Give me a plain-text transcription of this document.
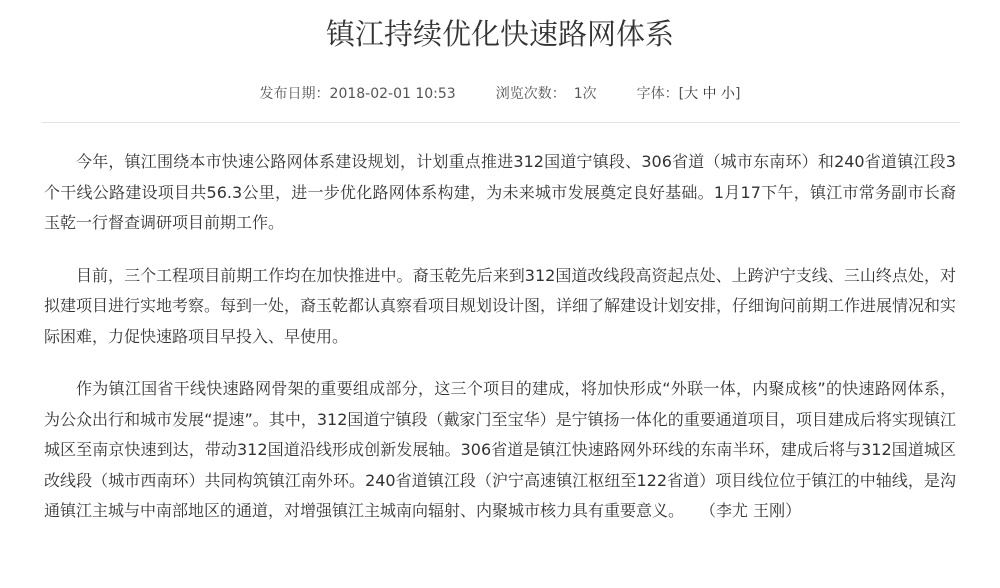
镇江持续优化快速路网体系
发布日期：2018-02-01 10:53	浏览次数： 1次	字体：[大 中 小]

今年，镇江围绕本市快速公路网体系建设规划，计划重点推进312国道宁镇段、306省道（城市东南环）和240省道镇江段3个干线公路建设项目共56.3公里，进一步优化路网体系构建，为未来城市发展奠定良好基础。1月17下午，镇江市常务副市长裔玉乾一行督查调研项目前期工作。

目前，三个工程项目前期工作均在加快推进中。裔玉乾先后来到312国道改线段高资起点处、上跨沪宁支线、三山终点处，对拟建项目进行实地考察。每到一处，裔玉乾都认真察看项目规划设计图，详细了解建设计划安排，仔细询问前期工作进展情况和实际困难，力促快速路项目早投入、早使用。

作为镇江国省干线快速路网骨架的重要组成部分，这三个项目的建成，将加快形成“外联一体，内聚成核”的快速路网体系，为公众出行和城市发展“提速”。其中，312国道宁镇段（戴家门至宝华）是宁镇扬一体化的重要通道项目，项目建成后将实现镇江城区至南京快速到达，带动312国道沿线形成创新发展轴。306省道是镇江快速路网外环线的东南半环，建成后将与312国道城区改线段（城市西南环）共同构筑镇江南外环。240省道镇江段（沪宁高速镇江枢纽至122省道）项目线位位于镇江的中轴线，是沟通镇江主城与中南部地区的通道，对增强镇江主城南向辐射、内聚城市核力具有重要意义。　　（李尤 王刚）
